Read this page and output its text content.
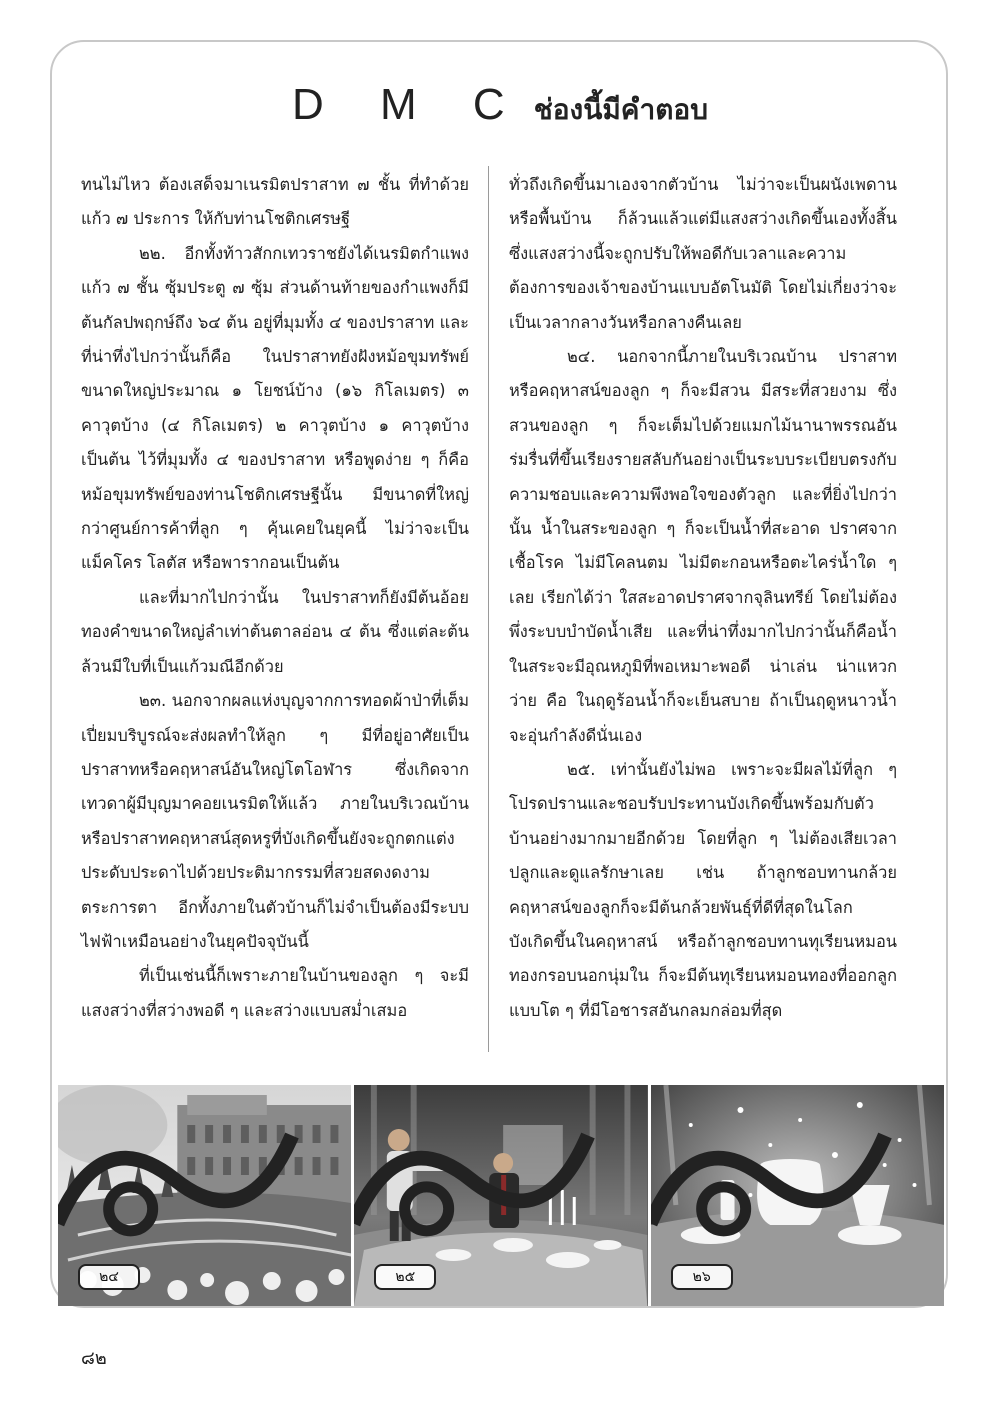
D M C ช่องนี้มีคำตอบ

ทนไม่ไหว ต้องเสด็จมาเนรมิตปราสาท ๗ ชั้น ที่ทำด้วยแก้ว ๗ ประการ ให้กับท่านโชติกเศรษฐี

๒๒. อีกทั้งท้าวสักกเทวราชยังได้เนรมิตกำแพงแก้ว ๗ ชั้น ซุ้มประตู ๗ ซุ้ม ส่วนด้านท้ายของกำแพงก็มีต้นกัลปพฤกษ์ถึง ๖๔ ต้น อยู่ที่มุมทั้ง ๔ ของปราสาท และที่น่าทึ่งไปกว่านั้นก็คือ ในปราสาทยังฝังหม้อขุมทรัพย์ขนาดใหญ่ประมาณ ๑ โยชน์บ้าง (๑๖ กิโลเมตร) ๓ คาวุตบ้าง (๔ กิโลเมตร) ๒ คาวุตบ้าง ๑ คาวุตบ้าง เป็นต้น ไว้ที่มุมทั้ง ๔ ของปราสาท หรือพูดง่าย ๆ ก็คือหม้อขุมทรัพย์ของท่านโชติกเศรษฐีนั้น มีขนาดที่ใหญ่กว่าศูนย์การค้าที่ลูก ๆ คุ้นเคยในยุคนี้ ไม่ว่าจะเป็นแม็คโคร โลตัส หรือพารากอนเป็นต้น

และที่มากไปกว่านั้น ในปราสาทก็ยังมีต้นอ้อยทองคำขนาดใหญ่ลำเท่าต้นตาลอ่อน ๔ ต้น ซึ่งแต่ละต้นล้วนมีใบที่เป็นแก้วมณีอีกด้วย

๒๓. นอกจากผลแห่งบุญจากการทอดผ้าป่าที่เต็มเปี่ยมบริบูรณ์จะส่งผลทำให้ลูก ๆ มีที่อยู่อาศัยเป็นปราสาทหรือคฤหาสน์อันใหญ่โตโอฬาร ซึ่งเกิดจากเทวดาผู้มีบุญมาคอยเนรมิตให้แล้ว ภายในบริเวณบ้านหรือปราสาทคฤหาสน์สุดหรูที่บังเกิดขึ้นยังจะถูกตกแต่งประดับประดาไปด้วยประติมากรรมที่สวยสดงดงามตระการตา อีกทั้งภายในตัวบ้านก็ไม่จำเป็นต้องมีระบบไฟฟ้าเหมือนอย่างในยุคปัจจุบันนี้

ที่เป็นเช่นนี้ก็เพราะภายในบ้านของลูก ๆ จะมีแสงสว่างที่สว่างพอดี ๆ และสว่างแบบสม่ำเสมอ

ทั่วถึงเกิดขึ้นมาเองจากตัวบ้าน ไม่ว่าจะเป็นผนังเพดาน หรือพื้นบ้าน ก็ล้วนแล้วแต่มีแสงสว่างเกิดขึ้นเองทั้งสิ้น ซึ่งแสงสว่างนี้จะถูกปรับให้พอดีกับเวลาและความต้องการของเจ้าของบ้านแบบอัตโนมัติ โดยไม่เกี่ยงว่าจะเป็นเวลากลางวันหรือกลางคืนเลย

๒๔. นอกจากนี้ภายในบริเวณบ้าน ปราสาท หรือคฤหาสน์ของลูก ๆ ก็จะมีสวน มีสระที่สวยงาม ซึ่งสวนของลูก ๆ ก็จะเต็มไปด้วยแมกไม้นานาพรรณอันร่มรื่นที่ขึ้นเรียงรายสลับกันอย่างเป็นระบบระเบียบตรงกับความชอบและความพึงพอใจของตัวลูก และที่ยิ่งไปกว่านั้น น้ำในสระของลูก ๆ ก็จะเป็นน้ำที่สะอาด ปราศจากเชื้อโรค ไม่มีโคลนตม ไม่มีตะกอนหรือตะไคร่น้ำใด ๆ เลย เรียกได้ว่า ใสสะอาดปราศจากจุลินทรีย์ โดยไม่ต้องพึ่งระบบบำบัดน้ำเสีย และที่น่าทึ่งมากไปกว่านั้นก็คือน้ำในสระจะมีอุณหภูมิที่พอเหมาะพอดี น่าเล่น น่าแหวกว่าย คือ ในฤดูร้อนน้ำก็จะเย็นสบาย ถ้าเป็นฤดูหนาวน้ำจะอุ่นกำลังดีนั่นเอง

๒๕. เท่านั้นยังไม่พอ เพราะจะมีผลไม้ที่ลูก ๆ โปรดปรานและชอบรับประทานบังเกิดขึ้นพร้อมกับตัวบ้านอย่างมากมายอีกด้วย โดยที่ลูก ๆ ไม่ต้องเสียเวลาปลูกและดูแลรักษาเลย เช่น ถ้าลูกชอบทานกล้วย คฤหาสน์ของลูกก็จะมีต้นกล้วยพันธุ์ที่ดีที่สุดในโลกบังเกิดขึ้นในคฤหาสน์ หรือถ้าลูกชอบทานทุเรียนหมอนทองกรอบนอกนุ่มใน ก็จะมีต้นทุเรียนหมอนทองที่ออกลูกแบบโต ๆ ที่มีโอชารสอันกลมกล่อมที่สุด

๒๔	๒๕	๒๖
๘๒
